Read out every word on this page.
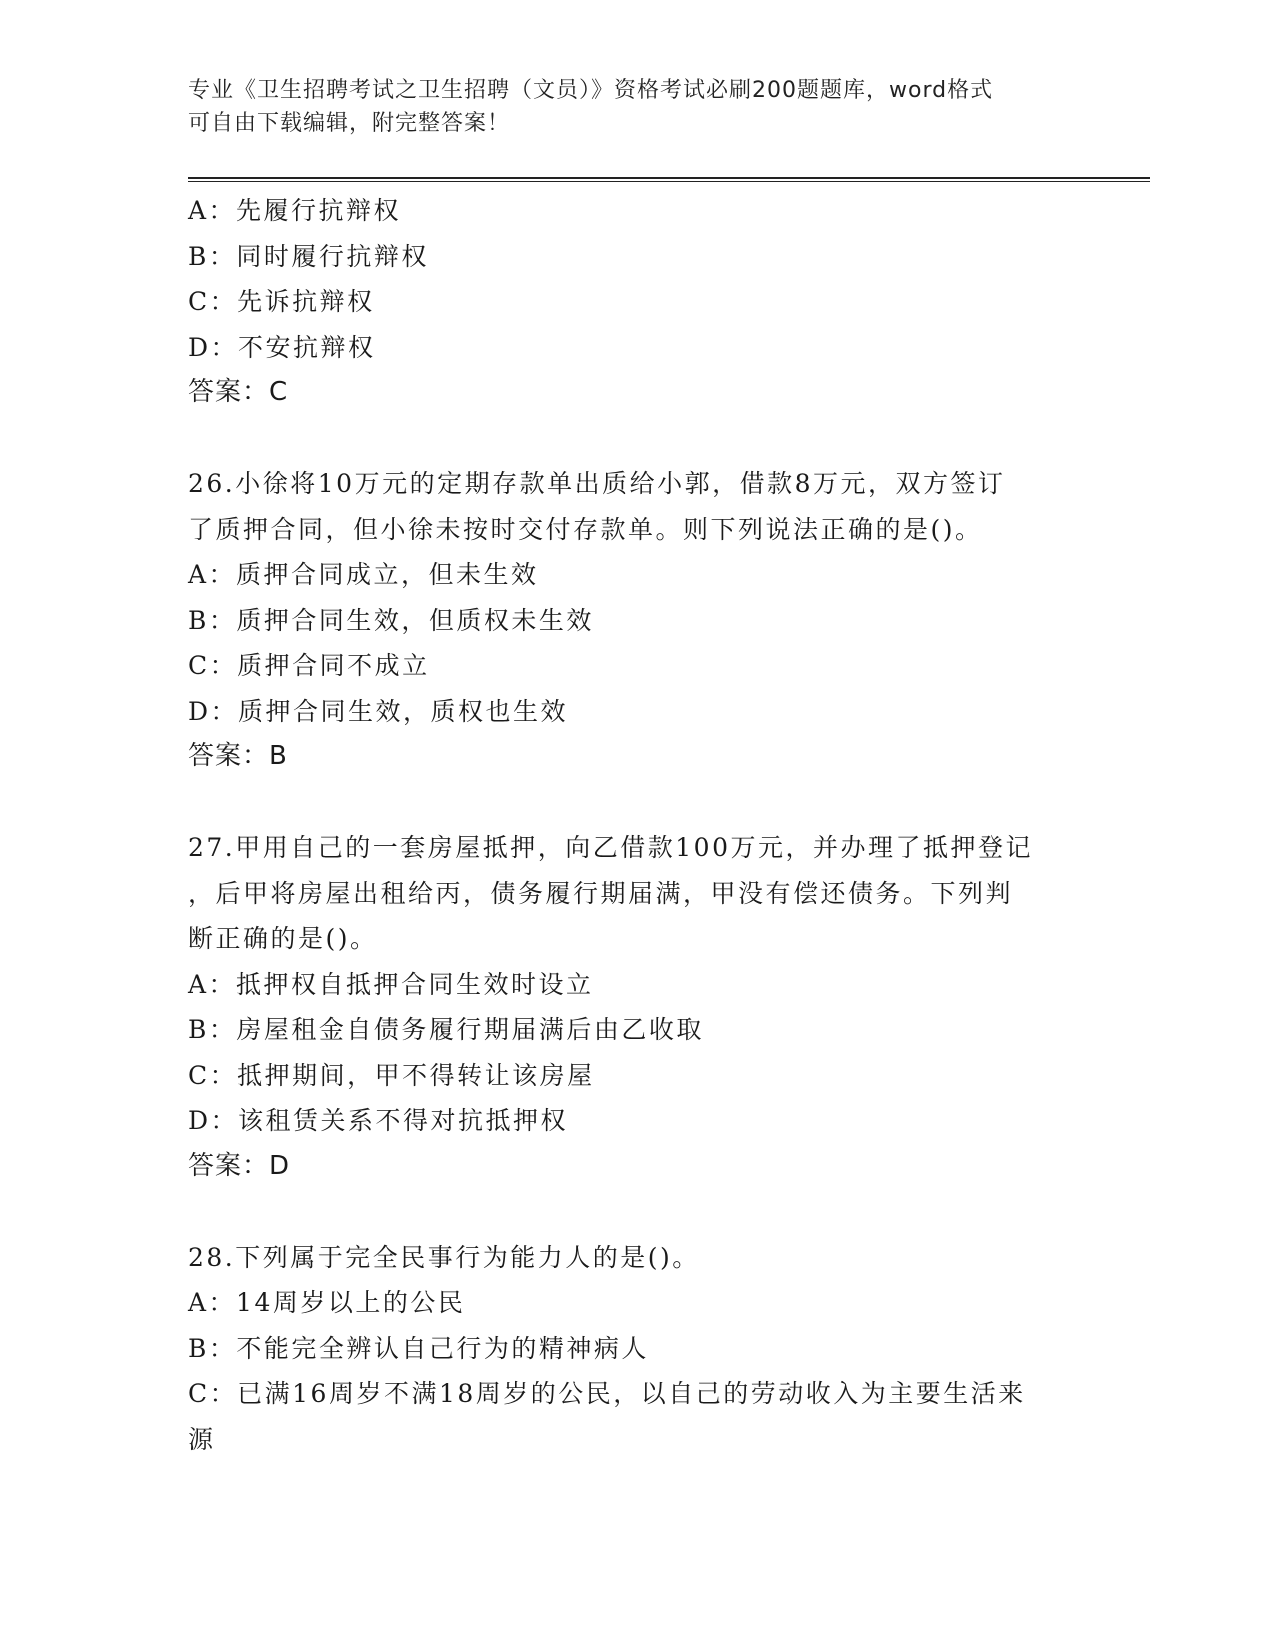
专业《卫生招聘考试之卫生招聘（文员）》资格考试必刷200题题库，word格式
可自由下载编辑，附完整答案！
A：先履行抗辩权
B：同时履行抗辩权
C：先诉抗辩权
D：不安抗辩权
答案：C
26.小徐将10万元的定期存款单出质给小郭，借款8万元，双方签订
了质押合同，但小徐未按时交付存款单。则下列说法正确的是()。
A：质押合同成立，但未生效
B：质押合同生效，但质权未生效
C：质押合同不成立
D：质押合同生效，质权也生效
答案：B
27.甲用自己的一套房屋抵押，向乙借款100万元，并办理了抵押登记
，后甲将房屋出租给丙，债务履行期届满，甲没有偿还债务。下列判
断正确的是()。
A：抵押权自抵押合同生效时设立
B：房屋租金自债务履行期届满后由乙收取
C：抵押期间，甲不得转让该房屋
D：该租赁关系不得对抗抵押权
答案：D
28.下列属于完全民事行为能力人的是()。
A：14周岁以上的公民
B：不能完全辨认自己行为的精神病人
C：已满16周岁不满18周岁的公民，以自己的劳动收入为主要生活来
源
